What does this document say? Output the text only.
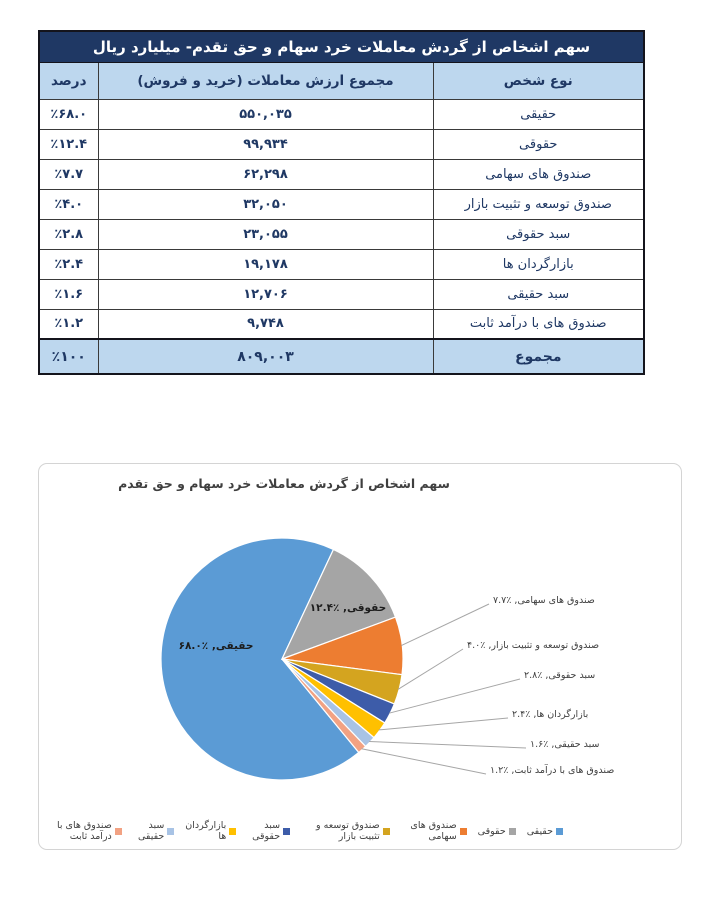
سهم اشخاص از گردش معاملات خرد سهام و حق تقدم- میلیارد ریال		
نوع شخص	مجموع ارزش معاملات (خرید و فروش)	درصد
حقیقی	۵۵۰,۰۳۵	٪۶۸.۰
حقوقی	۹۹,۹۳۴	٪۱۲.۴
صندوق های سهامی	۶۲,۲۹۸	٪۷.۷
صندوق توسعه و تثبیت بازار	۳۲,۰۵۰	٪۴.۰
سبد حقوقی	۲۳,۰۵۵	٪۲.۸
بازارگردان ها	۱۹,۱۷۸	٪۲.۴
سبد حقیقی	۱۲,۷۰۶	٪۱.۶
صندوق های با درآمد ثابت	۹,۷۴۸	٪۱.۲
مجموع	۸۰۹,۰۰۳	٪۱۰۰
سهم اشخاص از گردش معاملات خرد سهام و حق تقدم
حقیقی
حقوقی
صندوق های سهامی
صندوق توسعه و تثبیت بازار
سبد حقوقی
بازارگردان ها
سبد حقیقی
صندوق های با درآمد ثابت
حقیقی, ٪۶۸.۰
حقوقی, ٪۱۲.۴
صندوق های سهامی, ٪۷.۷
صندوق توسعه و تثبیت بازار, ٪۴.۰
سبد حقوقی, ٪۲.۸
بازارگردان ها, ٪۲.۴
سبد حقیقی, ٪۱.۶
صندوق های با درآمد ثابت, ٪۱.۲
